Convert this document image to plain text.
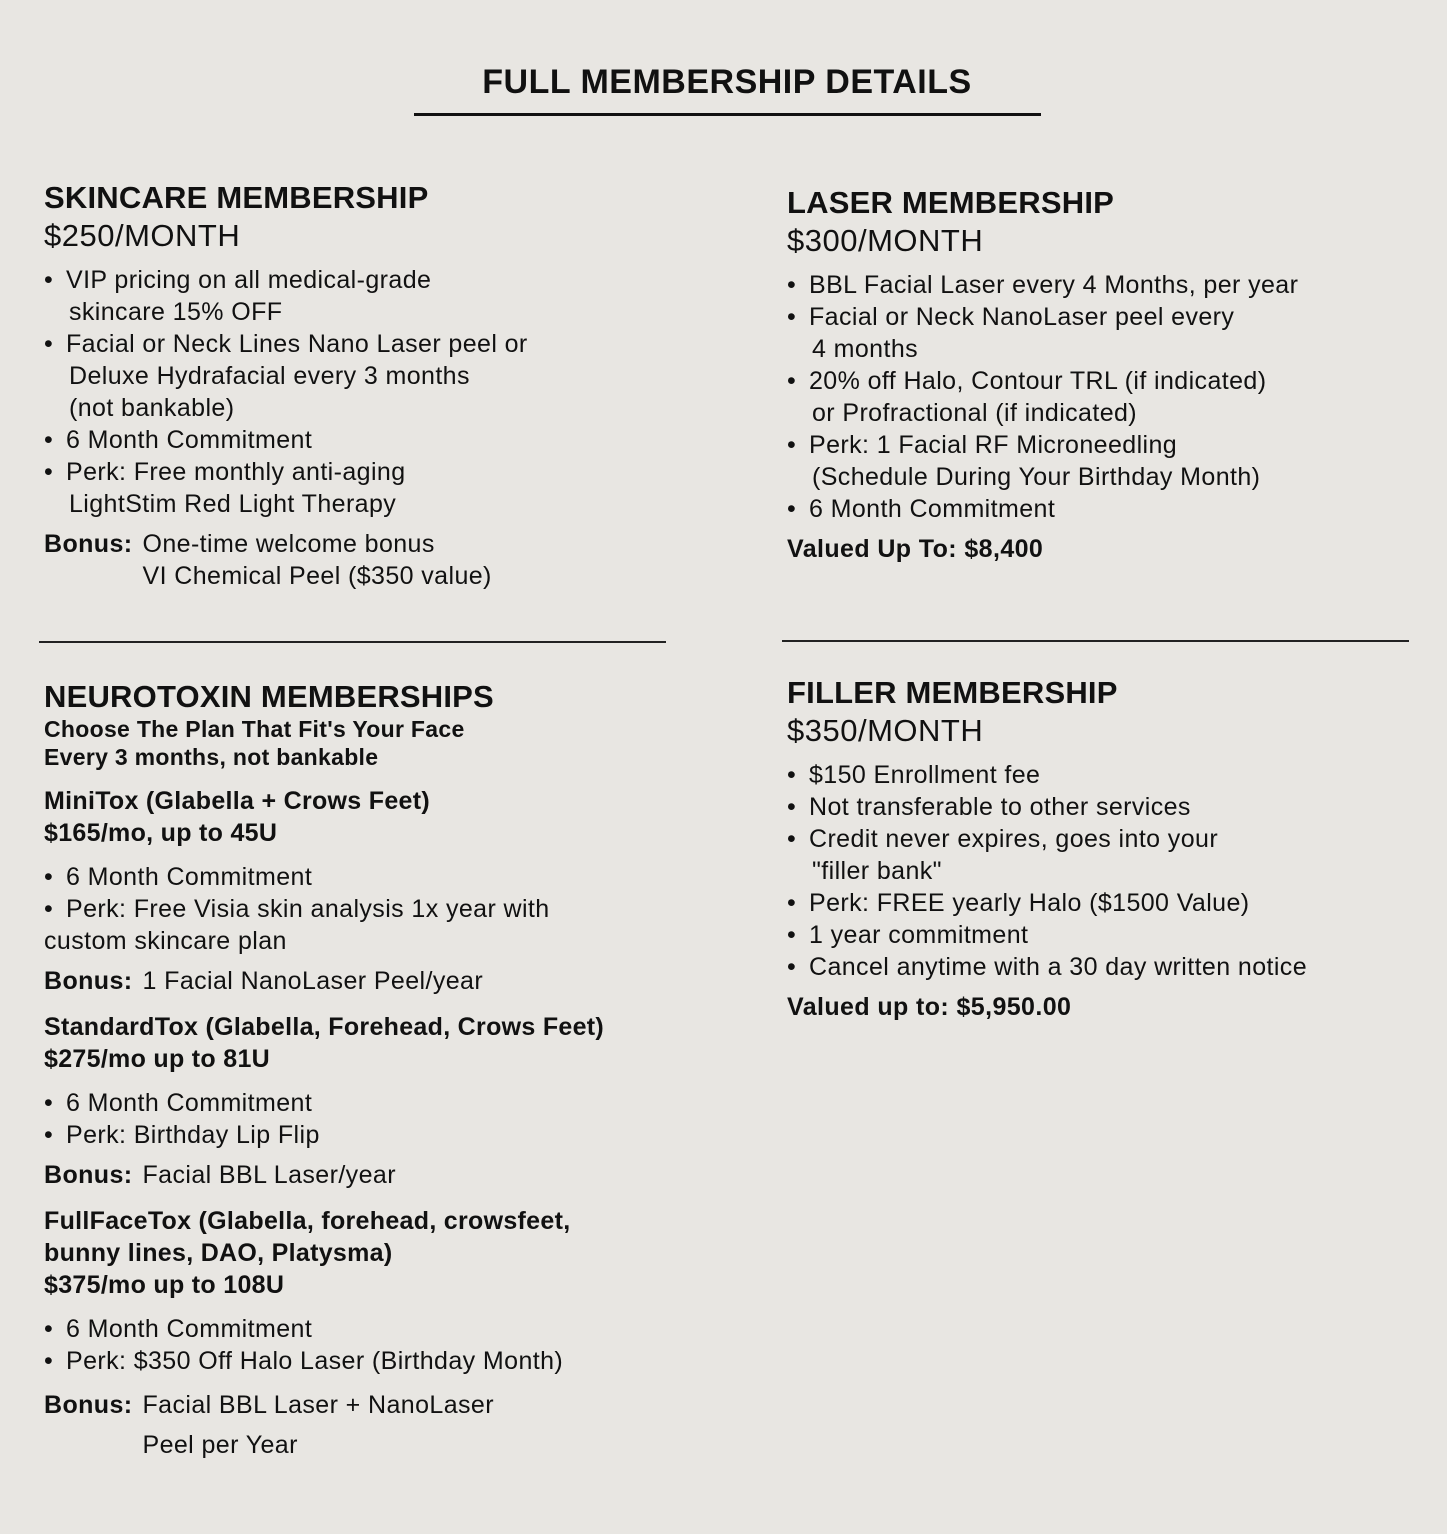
FULL MEMBERSHIP DETAILS
SKINCARE MEMBERSHIP
$250/MONTH
• VIP pricing on all medical-grade
skincare 15% OFF
• Facial or Neck Lines Nano Laser peel or
Deluxe Hydrafacial every 3 months
(not bankable)
• 6 Month Commitment
• Perk: Free monthly anti-aging
LightStim Red Light Therapy
Bonus: One-time welcome bonus
VI Chemical Peel ($350 value)
LASER MEMBERSHIP
$300/MONTH
• BBL Facial Laser every 4 Months, per year
• Facial or Neck NanoLaser peel every
4 months
• 20% off Halo, Contour TRL (if indicated)
or Profractional (if indicated)
• Perk: 1 Facial RF Microneedling
(Schedule During Your Birthday Month)
• 6 Month Commitment
Valued Up To: $8,400
NEUROTOXIN MEMBERSHIPS
Choose The Plan That Fit's Your Face
Every 3 months, not bankable
MiniTox (Glabella + Crows Feet)
$165/mo, up to 45U
• 6 Month Commitment
• Perk: Free Visia skin analysis 1x year with
custom skincare plan
Bonus: 1 Facial NanoLaser Peel/year
StandardTox (Glabella, Forehead, Crows Feet)
$275/mo up to 81U
• 6 Month Commitment
• Perk: Birthday Lip Flip
Bonus: Facial BBL Laser/year
FullFaceTox (Glabella, forehead, crowsfeet,
bunny lines, DAO, Platysma)
$375/mo up to 108U
• 6 Month Commitment
• Perk: $350 Off Halo Laser (Birthday Month)
Bonus: Facial BBL Laser + NanoLaser
Peel per Year
FILLER MEMBERSHIP
$350/MONTH
• $150 Enrollment fee
• Not transferable to other services
• Credit never expires, goes into your
"filler bank"
• Perk: FREE yearly Halo ($1500 Value)
• 1 year commitment
• Cancel anytime with a 30 day written notice
Valued up to: $5,950.00
